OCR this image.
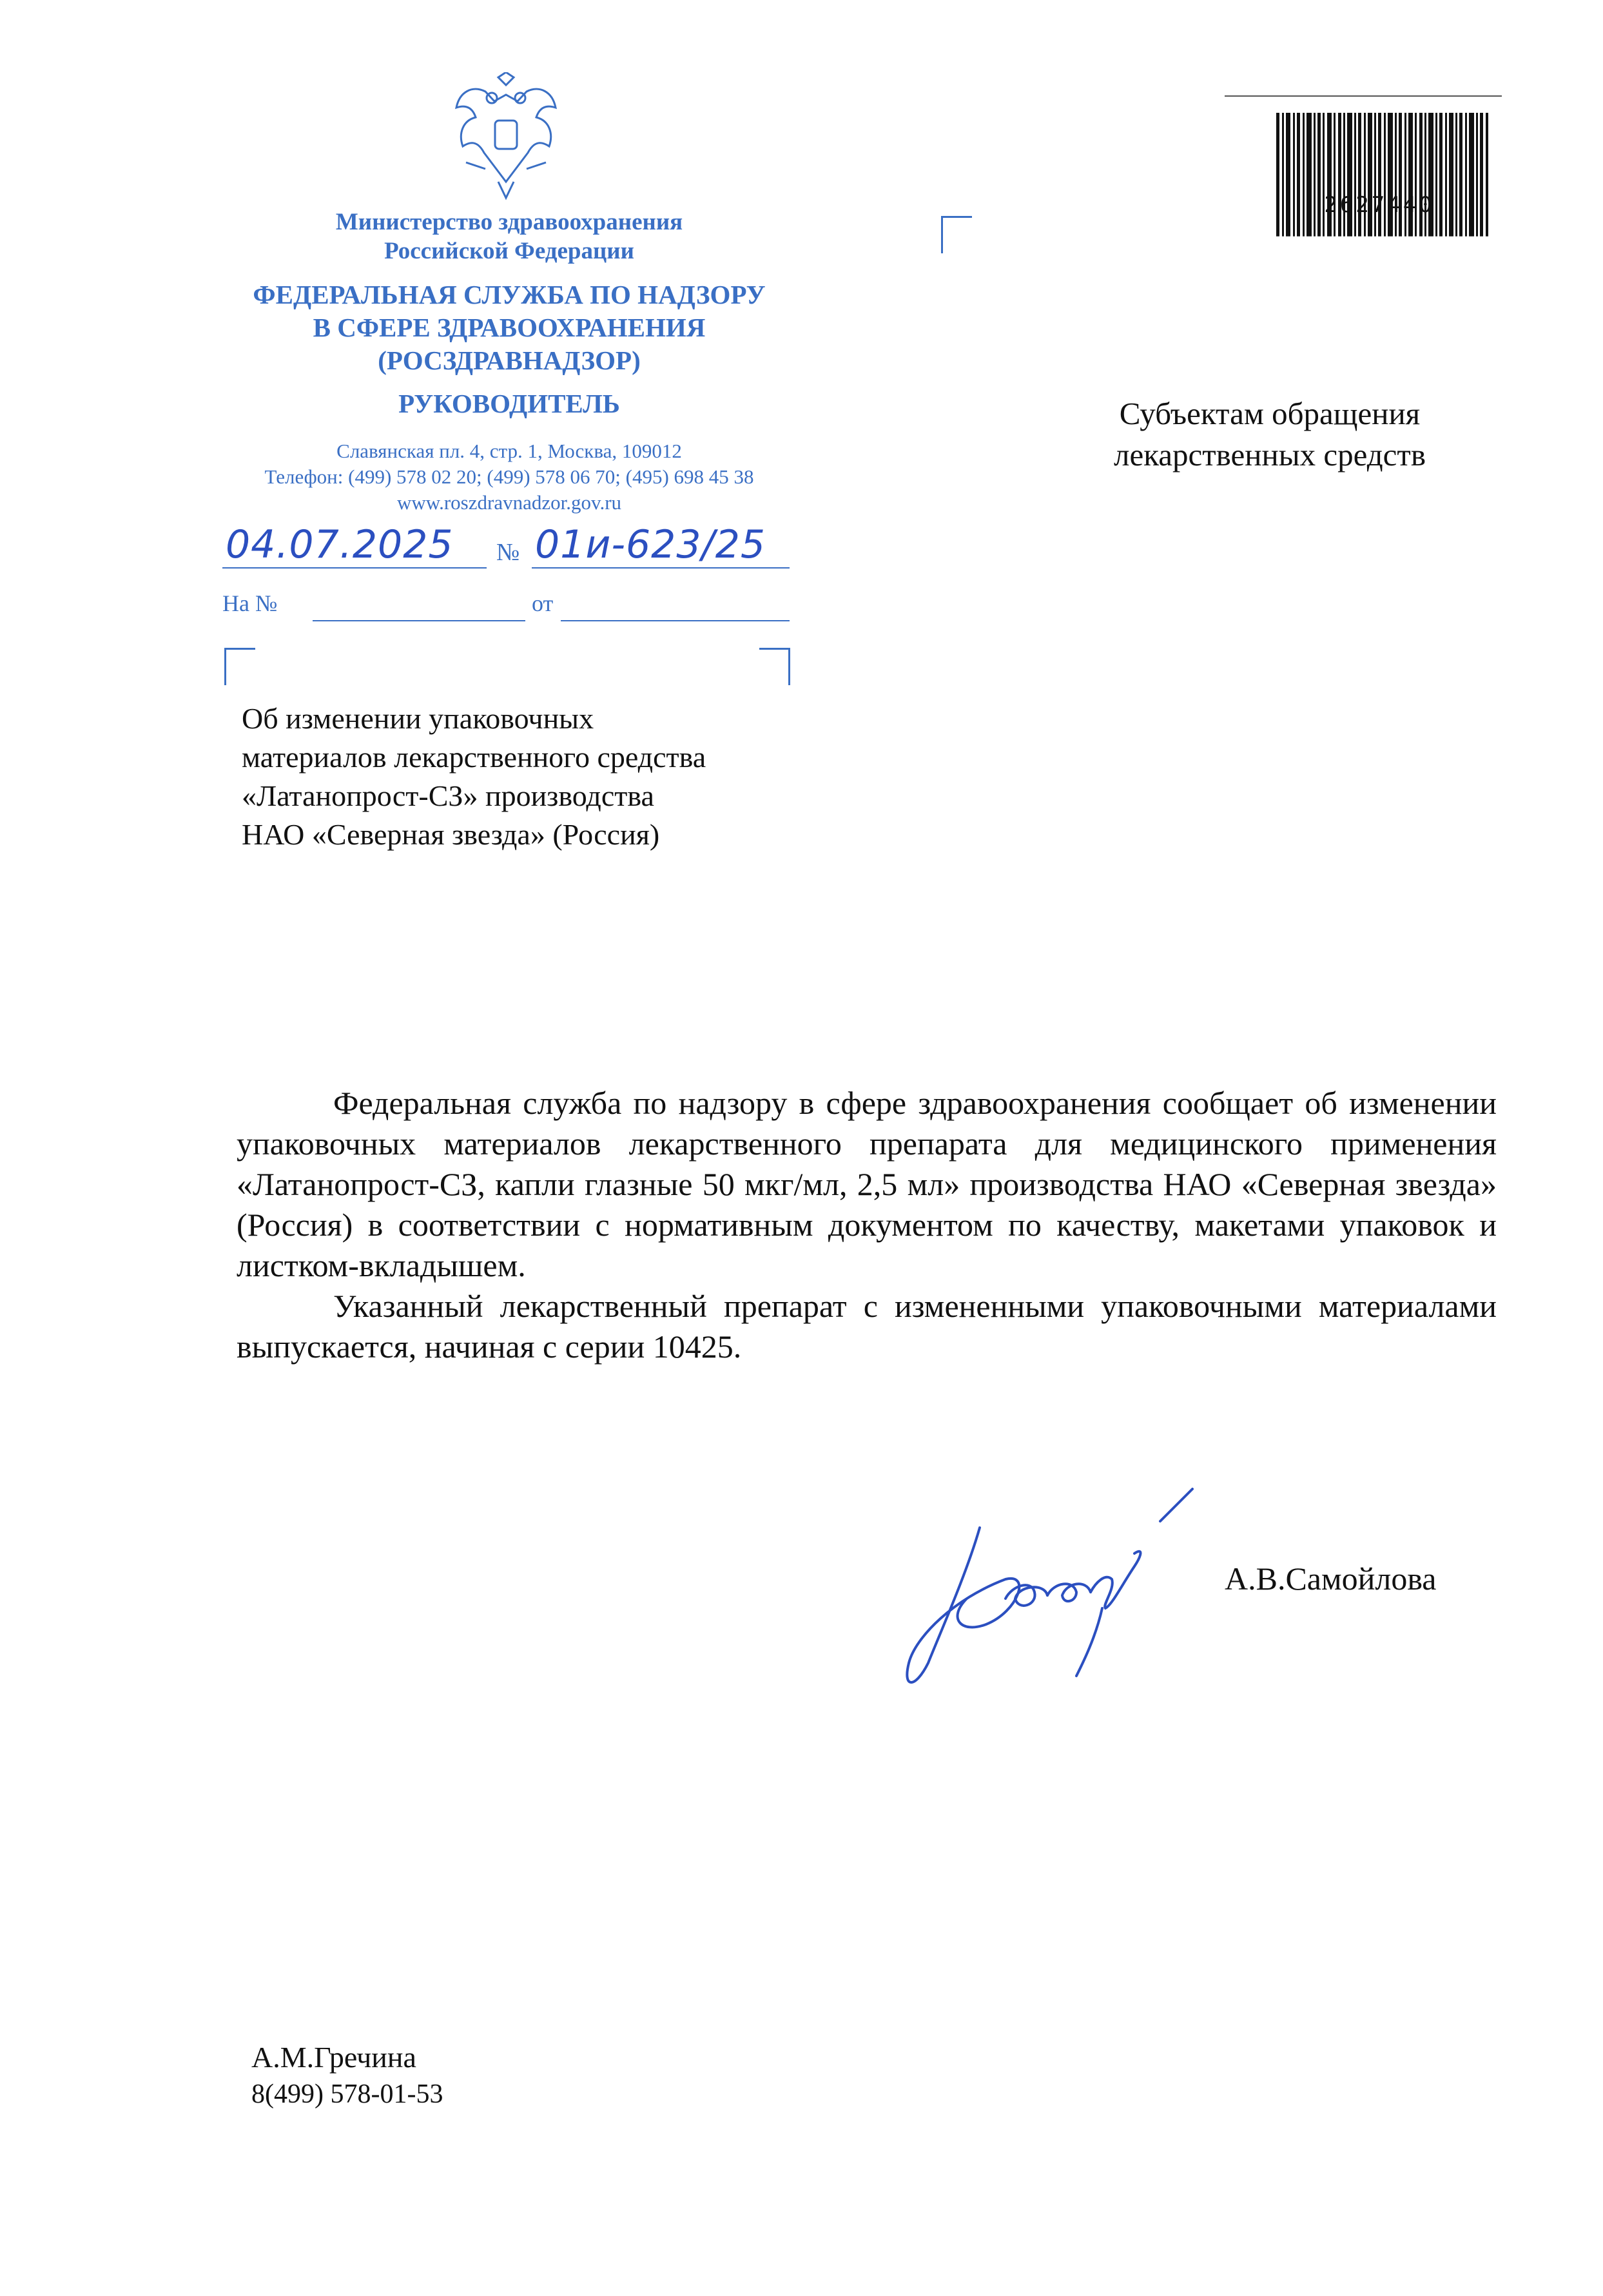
Министерство здравоохранения
Российской Федерации
ФЕДЕРАЛЬНАЯ СЛУЖБА ПО НАДЗОРУ
В СФЕРЕ ЗДРАВООХРАНЕНИЯ
(РОСЗДРАВНАДЗОР)
РУКОВОДИТЕЛЬ
Славянская пл. 4, стр. 1, Москва, 109012
Телефон: (499) 578 02 20; (499) 578 06 70; (495) 698 45 38
www.roszdravnadzor.gov.ru
04.07.2025 № 01и-623/25
На №	от
2627440
Субъектам обращения
лекарственных средств
Об изменении упаковочных
материалов лекарственного средства
«Латанопрост-СЗ» производства
НАО «Северная звезда» (Россия)

Федеральная служба по надзору в сфере здравоохранения сообщает об изменении упаковочных материалов лекарственного препарата для медицинского применения «Латанопрост-СЗ, капли глазные 50 мкг/мл, 2,5 мл» производства НАО «Северная звезда» (Россия) в соответствии с нормативным документом по качеству, макетами упаковок и листком-вкладышем.

Указанный лекарственный препарат с измененными упаковочными материалами выпускается, начиная с серии 10425.

А.В.Самойлова
А.М.Гречина
8(499) 578-01-53
